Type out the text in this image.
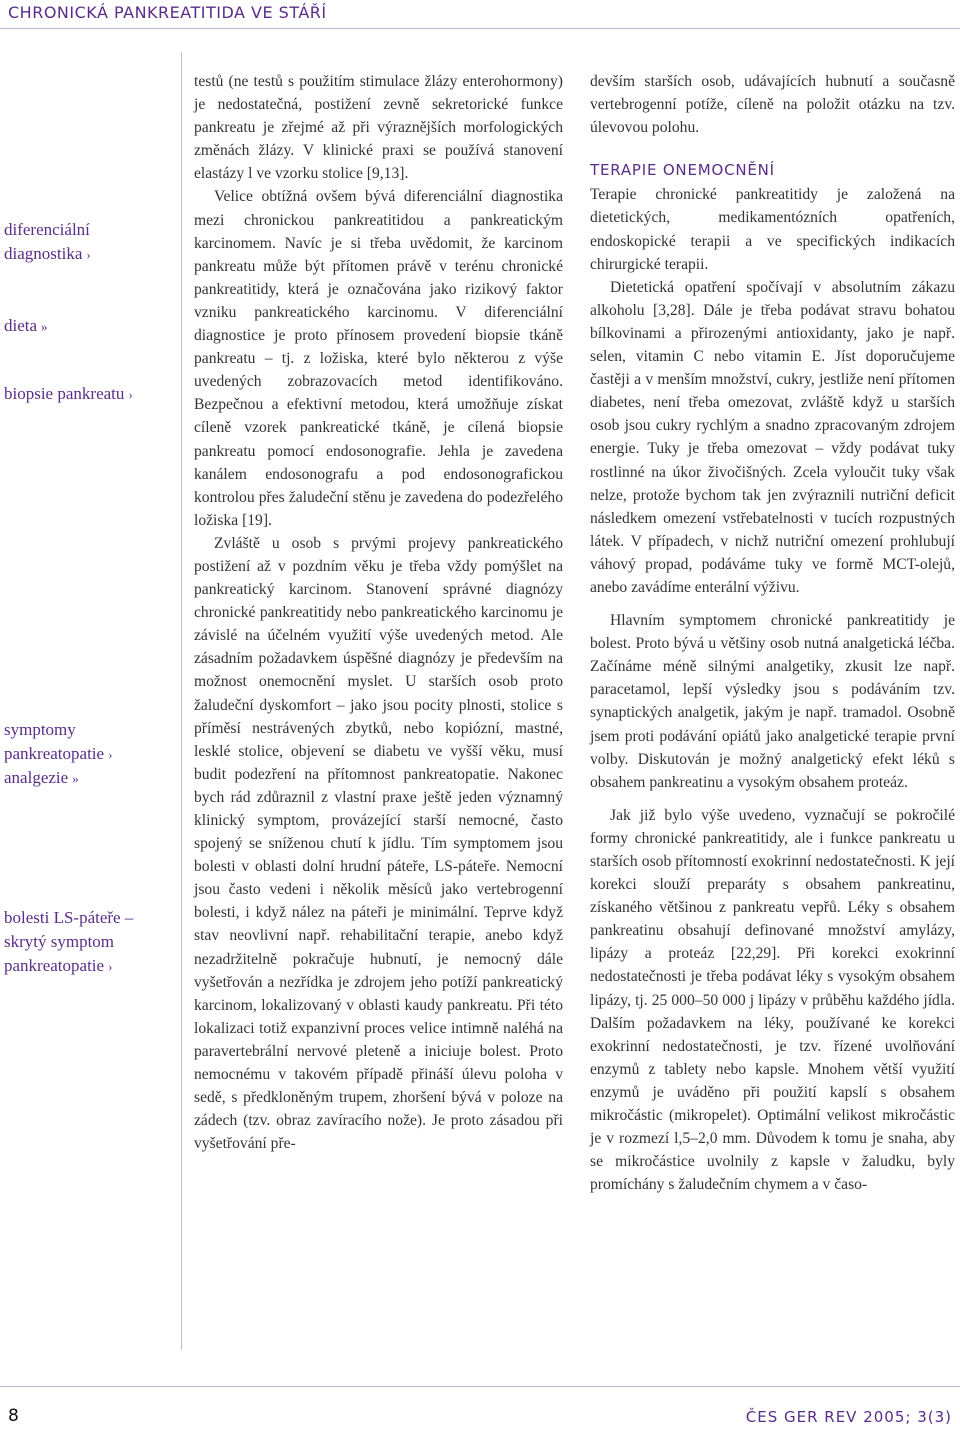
CHRONICKÁ PANKREATITIDA VE STÁŘÍ
diferenciální diagnostika ›
dieta »
biopsie pankreatu ›
symptomy pankreatopatie ›
analgezie »
bolesti LS-páteře – skrytý symptom pankreatopatie ›

testů (ne testů s použitím stimulace žlázy enterohormony) je nedostatečná, postižení zevně sekretorické funkce pankreatu je zřejmé až při výraznějších morfologických změnách žlázy. V klinické praxi se používá stanovení elastázy l ve vzorku stolice [9,13].

Velice obtížná ovšem bývá diferenciální diagnostika mezi chronickou pankreatitidou a pankreatickým karcinomem. Navíc je si třeba uvědomit, že karcinom pankreatu může být přítomen právě v terénu chronické pankreatitidy, která je označována jako rizikový faktor vzniku pankreatického karcinomu. V diferenciální diagnostice je proto přínosem provedení biopsie tkáně pankreatu – tj. z ložiska, které bylo některou z výše uvedených zobrazovacích metod identifikováno. Bezpečnou a efektivní metodou, která umožňuje získat cíleně vzorek pankreatické tkáně, je cílená biopsie pankreatu pomocí endosonografie. Jehla je zavedena kanálem endosonografu a pod endosonografickou kontrolou přes žaludeční stěnu je zavedena do podezřelého ložiska [19].

Zvláště u osob s prvými projevy pankreatického postižení až v pozdním věku je třeba vždy pomýšlet na pankreatický karcinom. Stanovení správné diagnózy chronické pankreatitidy nebo pankreatického karcinomu je závislé na účelném využití výše uvedených metod. Ale zásadním požadavkem úspěšné diagnózy je především na možnost onemocnění myslet. U starších osob proto žaludeční dyskomfort – jako jsou pocity plnosti, stolice s příměsí nestrávených zbytků, nebo kopiózní, mastné, lesklé stolice, objevení se diabetu ve vyšší věku, musí budit podezření na přítomnost pankreatopatie. Nakonec bych rád zdůraznil z vlastní praxe ještě jeden významný klinický symptom, provázející starší nemocné, často spojený se sníženou chutí k jídlu. Tím symptomem jsou bolesti v oblasti dolní hrudní páteře, LS-páteře. Nemocní jsou často vedeni i několik měsíců jako vertebrogenní bolesti, i když nález na páteři je minimální. Teprve když stav neovlivní např. rehabilitační terapie, anebo když nezadržitelně pokračuje hubnutí, je nemocný dále vyšetřován a nezřídka je zdrojem jeho potíží pankreatický karcinom, lokalizovaný v oblasti kaudy pankreatu. Při této lokalizaci totiž expanzivní proces velice intimně naléhá na paravertebrální nervové pleteně a iniciuje bolest. Proto nemocnému v takovém případě přináší úlevu poloha v sedě, s předkloněným trupem, zhoršení bývá v poloze na zádech (tzv. obraz zavíracího nože). Je proto zásadou při vyšetřování pře-

devším starších osob, udávajících hubnutí a současně vertebrogenní potíže, cíleně na položit otázku na tzv. úlevovou polohu.

TERAPIE ONEMOCNĚNÍ

Terapie chronické pankreatitidy je založená na dietetických, medikamentózních opatřeních, endoskopické terapii a ve specifických indikacích chirurgické terapii.

Dietetická opatření spočívají v absolutním zákazu alkoholu [3,28]. Dále je třeba podávat stravu bohatou bílkovinami a přirozenými antioxidanty, jako je např. selen, vitamin C nebo vitamin E. Jíst doporučujeme častěji a v menším množství, cukry, jestliže není přítomen diabetes, není třeba omezovat, zvláště když u starších osob jsou cukry rychlým a snadno zpracovaným zdrojem energie. Tuky je třeba omezovat – vždy podávat tuky rostlinné na úkor živočišných. Zcela vyloučit tuky však nelze, protože bychom tak jen zvýraznili nutriční deficit následkem omezení vstřebatelnosti v tucích rozpustných látek. V případech, v nichž nutriční omezení prohlubují váhový propad, podáváme tuky ve formě MCT-olejů, anebo zavádíme enterální výživu.

Hlavním symptomem chronické pankreatitidy je bolest. Proto bývá u většiny osob nutná analgetická léčba. Začínáme méně silnými analgetiky, zkusit lze např. paracetamol, lepší výsledky jsou s podáváním tzv. synaptických analgetik, jakým je např. tramadol. Osobně jsem proti podávání opiátů jako analgetické terapie první volby. Diskutován je možný analgetický efekt léků s obsahem pankreatinu a vysokým obsahem proteáz.

Jak již bylo výše uvedeno, vyznačují se pokročilé formy chronické pankreatitidy, ale i funkce pankreatu u starších osob přítomností exokrinní nedostatečnosti. K její korekci slouží preparáty s obsahem pankreatinu, získaného většinou z pankreatu vepřů. Léky s obsahem pankreatinu obsahují definované množství amylázy, lipázy a proteáz [22,29]. Při korekci exokrinní nedostatečnosti je třeba podávat léky s vysokým obsahem lipázy, tj. 25 000–50 000 j lipázy v průběhu každého jídla. Dalším požadavkem na léky, používané ke korekci exokrinní nedostatečnosti, je tzv. řízené uvolňování enzymů z tablety nebo kapsle. Mnohem větší využití enzymů je uváděno při použití kapslí s obsahem mikročástic (mikropelet). Optimální velikost mikročástic je v rozmezí l,5–2,0 mm. Důvodem k tomu je snaha, aby se mikročástice uvolnily z kapsle v žaludku, byly promíchány s žaludečním chymem a v časo-

8	ČES GER REV 2005; 3(3)
